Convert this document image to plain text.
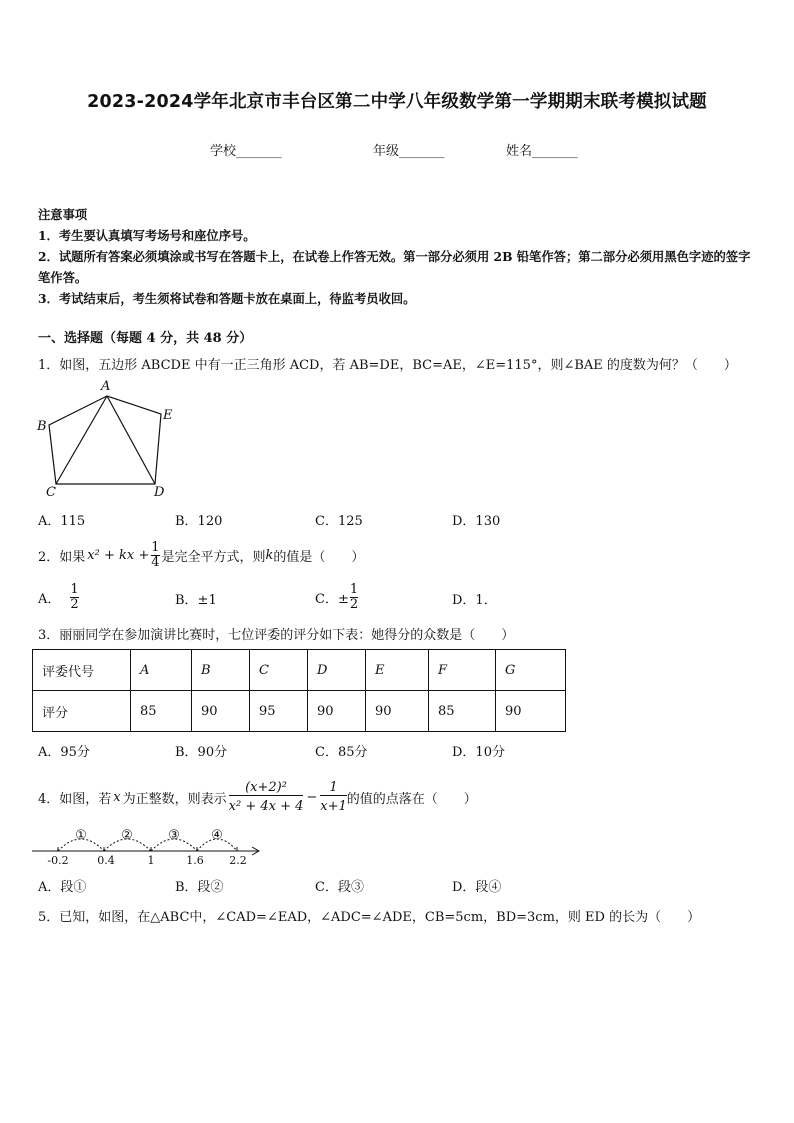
2023-2024学年北京市丰台区第二中学八年级数学第一学期期末联考模拟试题
学校_______	年级_______	姓名_______
注意事项
1．考生要认真填写考场号和座位序号。
2．试题所有答案必须填涂或书写在答题卡上，在试卷上作答无效。第一部分必须用 2B 铅笔作答；第二部分必须用黑色字迹的签字笔作答。
3．考试结束后，考生须将试卷和答题卡放在桌面上，待监考员收回。
一、选择题（每题 4 分，共 48 分）
1．如图，五边形 ABCDE 中有一正三角形 ACD，若 AB=DE，BC=AE，∠E=115°，则∠BAE 的度数为何？（　　）
A
B
C	D
E
A．115	B．120	C．125	D．130
2．如果 x² + kx + $\frac{1}{4}$ 是完全平方式，则 k 的值是（　　）
A． $\frac{1}{2}$	B．±1	C．± $\frac{1}{2}$	D．1．
3．丽丽同学在参加演讲比赛时，七位评委的评分如下表：她得分的众数是（　　）
评委代号	A	B	C	D	E	F	G
评分	85	90	95	90	90	85	90
A．95分	B．90分	C．85分	D．10分
4．如图，若 x 为正整数，则表示 $\frac{\text{(x+2)²}}{\text{x² + 4x + 4}} - \frac{1}{x+1}$ 的值的点落在（　　）
①	②	③ ④
-0.2	0.4	1	1.6 2.2
A．段①	B．段②	C．段③	D．段④
5．已知，如图，在△ABC中，∠CAD=∠EAD，∠ADC=∠ADE，CB=5cm，BD=3cm，则 ED 的长为（　　）
